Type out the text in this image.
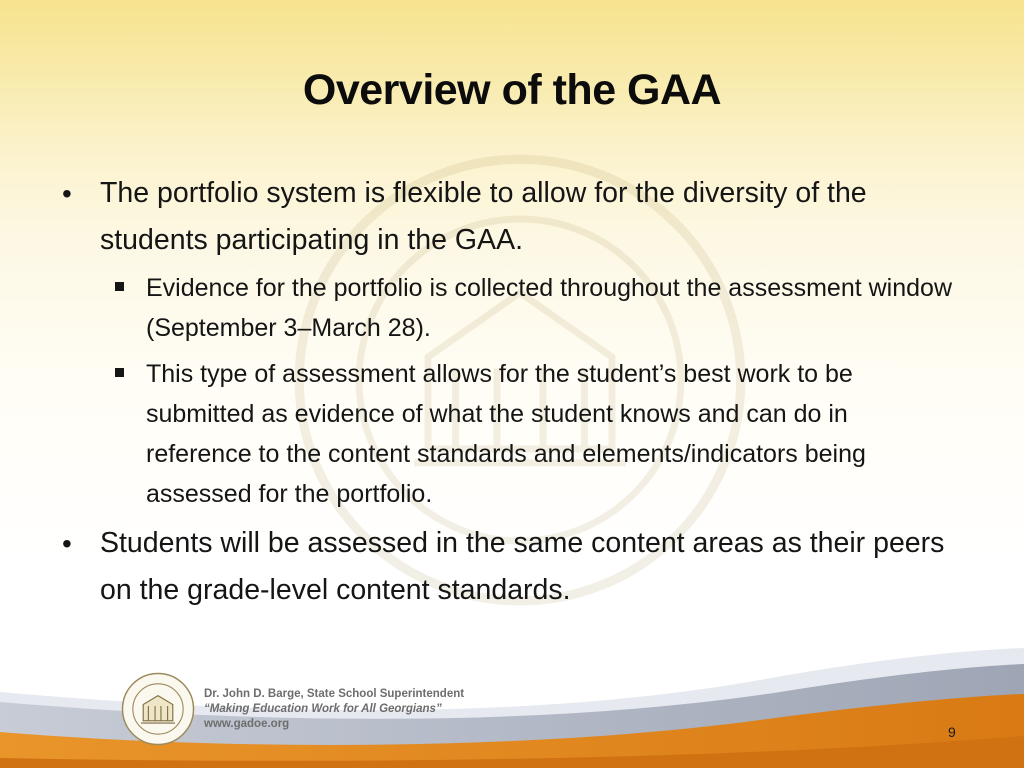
Overview of the GAA
• The portfolio system is flexible to allow for the diversity of the students participating in the GAA.
Evidence for the portfolio is collected throughout the assessment window (September 3–March 28).
This type of assessment allows for the student’s best work to be submitted as evidence of what the student knows and can do in reference to the content standards and elements/indicators being assessed for the portfolio.
• Students will be assessed in the same content areas as their peers on the grade-level content standards.
Dr. John D. Barge, State School Superintendent
“Making Education Work for All Georgians”
www.gadoe.org	9
